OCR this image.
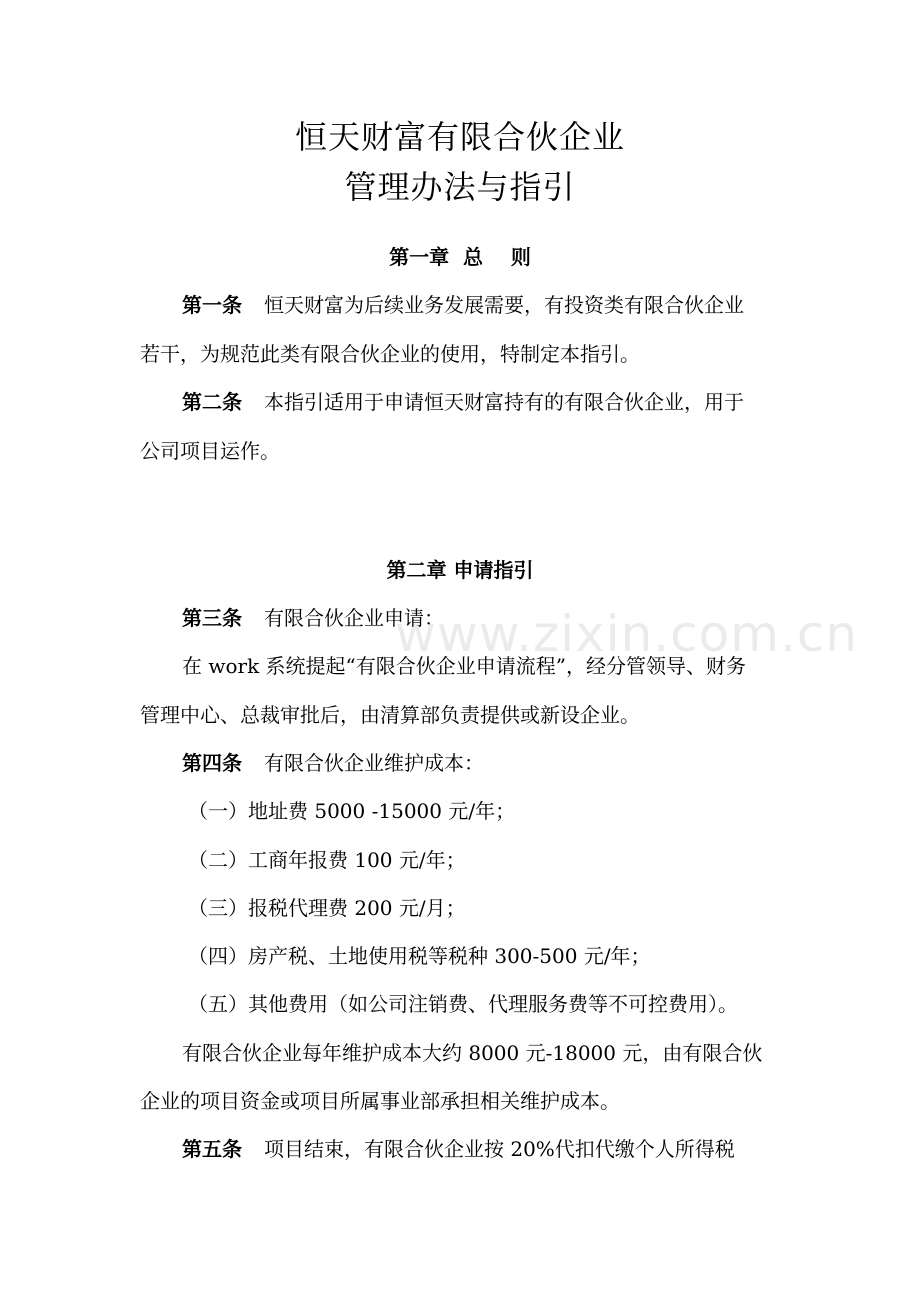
恒天财富有限合伙企业
管理办法与指引
第一章  总    则
第一条 恒天财富为后续业务发展需要，有投资类有限合伙企业
若干，为规范此类有限合伙企业的使用，特制定本指引。
第二条 本指引适用于申请恒天财富持有的有限合伙企业，用于
公司项目运作。
第二章 申请指引
www.zixin.com.cn
第三条 有限合伙企业申请：
在 work 系统提起“有限合伙企业申请流程”，经分管领导、财务
管理中心、总裁审批后，由清算部负责提供或新设企业。
第四条 有限合伙企业维护成本：
（一）地址费 5000 -15000 元/年；
（二）工商年报费 100 元/年；
（三）报税代理费 200 元/月；
（四）房产税、土地使用税等税种 300-500 元/年；
（五）其他费用（如公司注销费、代理服务费等不可控费用）。
有限合伙企业每年维护成本大约 8000 元-18000 元，由有限合伙
企业的项目资金或项目所属事业部承担相关维护成本。
第五条 项目结束，有限合伙企业按 20%代扣代缴个人所得税
